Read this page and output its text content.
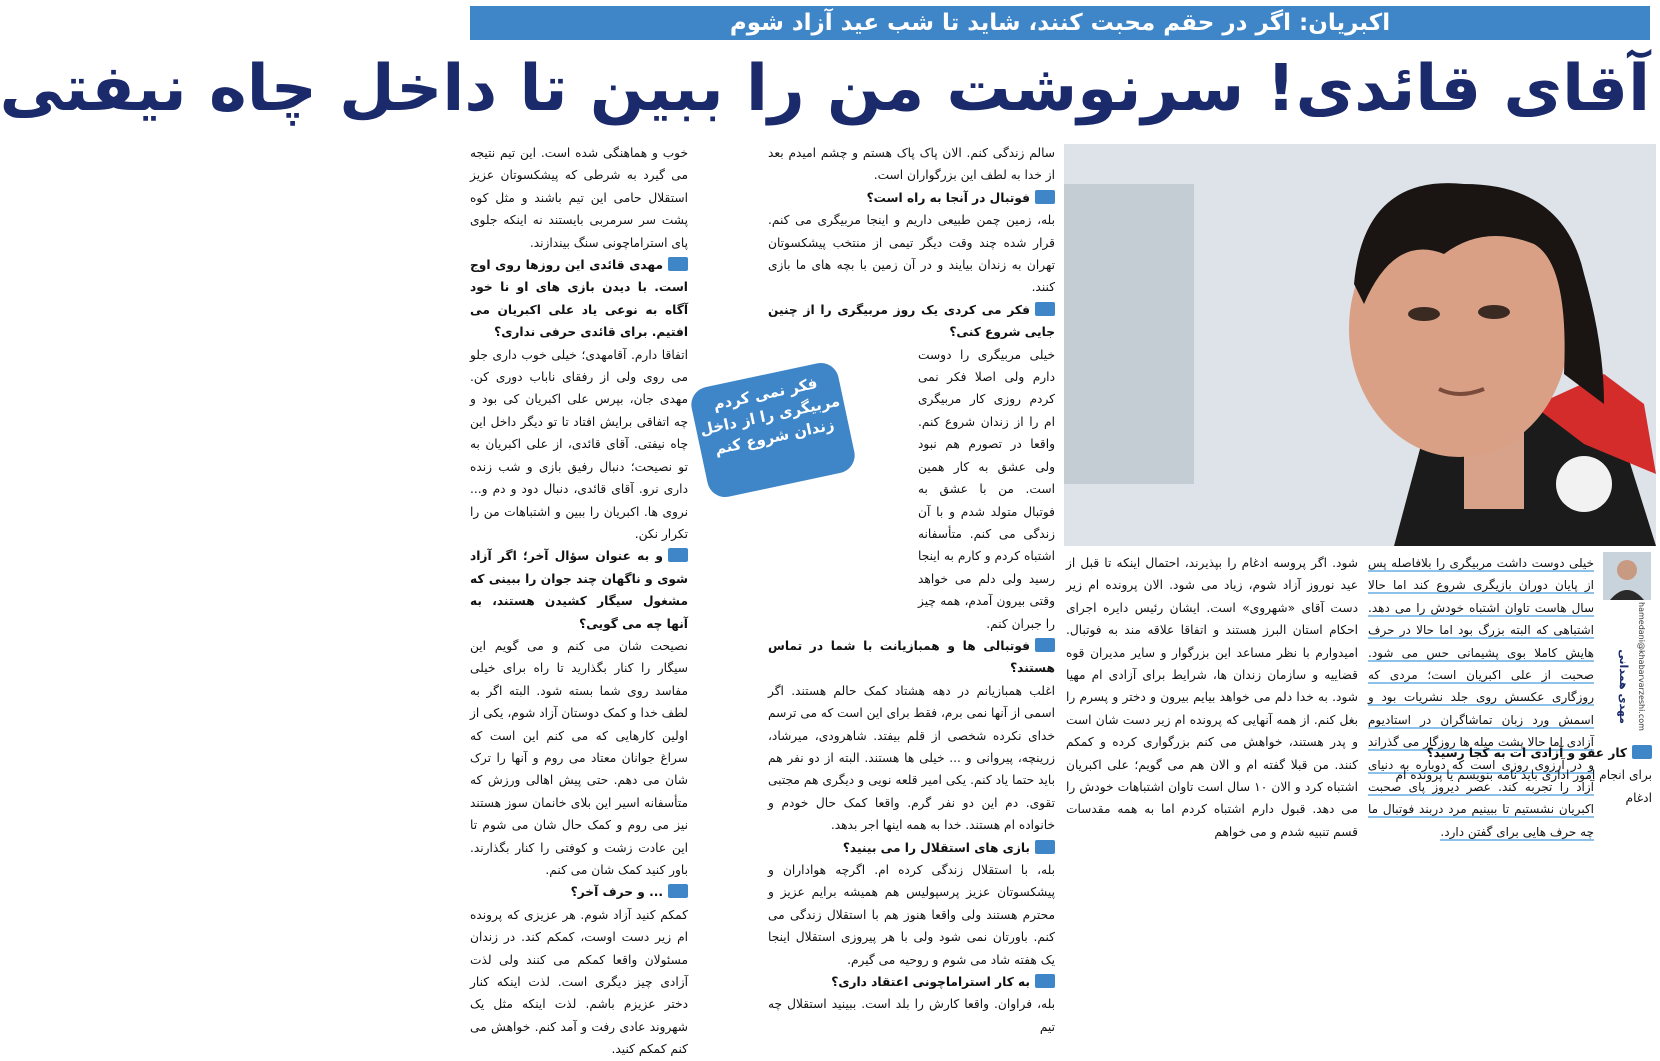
اکبریان: اگر در حقم محبت کنند، شاید تا شب عید آزاد شوم
آقای قائدی! سرنوشت من را ببین تا داخل چاه نیفتی

خوب و هماهنگی شده است. این تیم نتیجه می گیرد به شرطی که پیشکسوتان عزیز استقلال حامی این تیم باشند و مثل کوه پشت سر سرمربی بایستند نه اینکه جلوی پای استراماچونی سنگ بیندازند.

مهدی قائدی این روزها روی اوج است. با دیدن بازی های او نا خود آگاه به نوعی یاد علی اکبریان می افتیم. برای قائدی حرفی نداری؟

اتفاقا دارم. آقامهدی؛ خیلی خوب داری جلو می روی ولی از رفقای ناباب دوری کن. مهدی جان، بپرس علی اکبریان کی بود و چه اتفاقی برایش افتاد تا تو دیگر داخل این چاه نیفتی. آقای قائدی، از علی اکبریان به تو نصیحت؛ دنبال رفیق بازی و شب زنده داری نرو. آقای قائدی، دنبال دود و دم و... نروی ها. اکبریان را ببین و اشتباهات من را تکرار نکن.

و به عنوان سؤال آخر؛ اگر آزاد شوی و ناگهان چند جوان را ببینی که مشغول سیگار کشیدن هستند، به آنها چه می گویی؟

نصیحت شان می کنم و می گویم این سیگار را کنار بگذارید تا راه برای خیلی مفاسد روی شما بسته شود. البته اگر به لطف خدا و کمک دوستان آزاد شوم، یکی از اولین کارهایی که می کنم این است که سراغ جوانان معتاد می روم و آنها را ترک شان می دهم. حتی پیش اهالی ورزش که متأسفانه اسیر این بلای خانمان سوز هستند نیز می روم و کمک حال شان می شوم تا این عادت زشت و کوفتی را کنار بگذارند. باور کنید کمک شان می کنم.

... و حرف آخر؟

کمکم کنید آزاد شوم. هر عزیزی که پرونده ام زیر دست اوست، کمکم کند. در زندان مسئولان واقعا کمکم می کنند ولی لذت آزادی چیز دیگری است. لذت اینکه کنار دختر عزیزم باشم. لذت اینکه مثل یک شهروند عادی رفت و آمد کنم. خواهش می کنم کمکم کنید.

فکر نمی کردم مربیگری را از داخل زندان شروع کنم

سالم زندگی کنم. الان پاک پاک هستم و چشم امیدم بعد از خدا به لطف این بزرگواران است.

فوتبال در آنجا به راه است؟

بله، زمین چمن طبیعی داریم و اینجا مربیگری می کنم. قرار شده چند وقت دیگر تیمی از منتخب پیشکسوتان تهران به زندان بیایند و در آن زمین با بچه های ما بازی کنند.

فکر می کردی یک روز مربیگری را از چنین جایی شروع کنی؟

خیلی مربیگری را دوست دارم ولی اصلا فکر نمی کردم روزی کار مربیگری ام را از زندان شروع کنم. واقعا در تصورم هم نبود ولی عشق به کار همین است. من با عشق به فوتبال متولد شدم و با آن زندگی می کنم. متأسفانه اشتباه کردم و کارم به اینجا رسید ولی دلم می خواهد وقتی بیرون آمدم، همه چیز را جبران کنم.

فوتبالی ها و همبازیانت با شما در تماس هستند؟

اغلب همبازیانم در دهه هشتاد کمک حالم هستند. اگر اسمی از آنها نمی برم، فقط برای این است که می ترسم خدای نکرده شخصی از قلم بیفتد. شاهرودی، میرشاد، زرینچه، پیروانی و ... خیلی ها هستند. البته از دو نفر هم باید حتما یاد کنم. یکی امیر قلعه نویی و دیگری هم مجتبی تقوی. دم این دو نفر گرم. واقعا کمک حال خودم و خانواده ام هستند. خدا به همه اینها اجر بدهد.

بازی های استقلال را می بینید؟

بله، با استقلال زندگی کرده ام. اگرچه هواداران و پیشکسوتان عزیز پرسپولیس هم همیشه برایم عزیز و محترم هستند ولی واقعا هنوز هم با استقلال زندگی می کنم. باورتان نمی شود ولی با هر پیروزی استقلال اینجا یک هفته شاد می شوم و روحیه می گیرم.

به کار استراماچونی اعتقاد داری؟

بله، فراوان. واقعا کارش را بلد است. ببینید استقلال چه تیم

شود. اگر پروسه ادغام را بپذیرند، احتمال اینکه تا قبل از عید نوروز آزاد شوم، زیاد می شود. الان پرونده ام زیر دست آقای «شهروی» است. ایشان رئیس دایره اجرای احکام استان البرز هستند و اتفاقا علاقه مند به فوتبال. امیدوارم با نظر مساعد این بزرگوار و سایر مدیران قوه قضاییه و سازمان زندان ها، شرایط برای آزادی ام مهیا شود. به خدا دلم می خواهد بیایم بیرون و دختر و پسرم را بغل کنم. از همه آنهایی که پرونده ام زیر دست شان است و پدر هستند، خواهش می کنم بزرگواری کرده و کمکم کنند. من قبلا گفته ام و الان هم می گویم؛ علی اکبریان اشتباه کرد و الان ۱۰ سال است تاوان اشتباهات خودش را می دهد. قبول دارم اشتباه کردم اما به همه مقدسات قسم تنبیه شدم و می خواهم

مهدی همدانی hamedani@khabarvarzeshi.com
خیلی دوست داشت مربیگری را بلافاصله پس از پایان دوران بازیگری شروع کند اما حالا سال هاست تاوان اشتباه خودش را می دهد. اشتباهی که البته بزرگ بود اما حالا در حرف هایش کاملا بوی پشیمانی حس می شود. صحبت از علی اکبریان است؛ مردی که روزگاری عکسش روی جلد نشریات بود و اسمش ورد زبان تماشاگران در استادیوم آزادی اما حالا پشت میله ها روزگار می گذراند و در آرزوی روزی است که دوباره به دنیای آزاد را تجربه کند. عصر دیروز پای صحبت اکبریان نشستیم تا ببینیم مرد دربند فوتبال ما چه حرف هایی برای گفتن دارد.
کار عفو و آزادی ات به کجا رسید؟

برای انجام امور اداری باید نامه بنویسم یا پرونده ام ادغام
